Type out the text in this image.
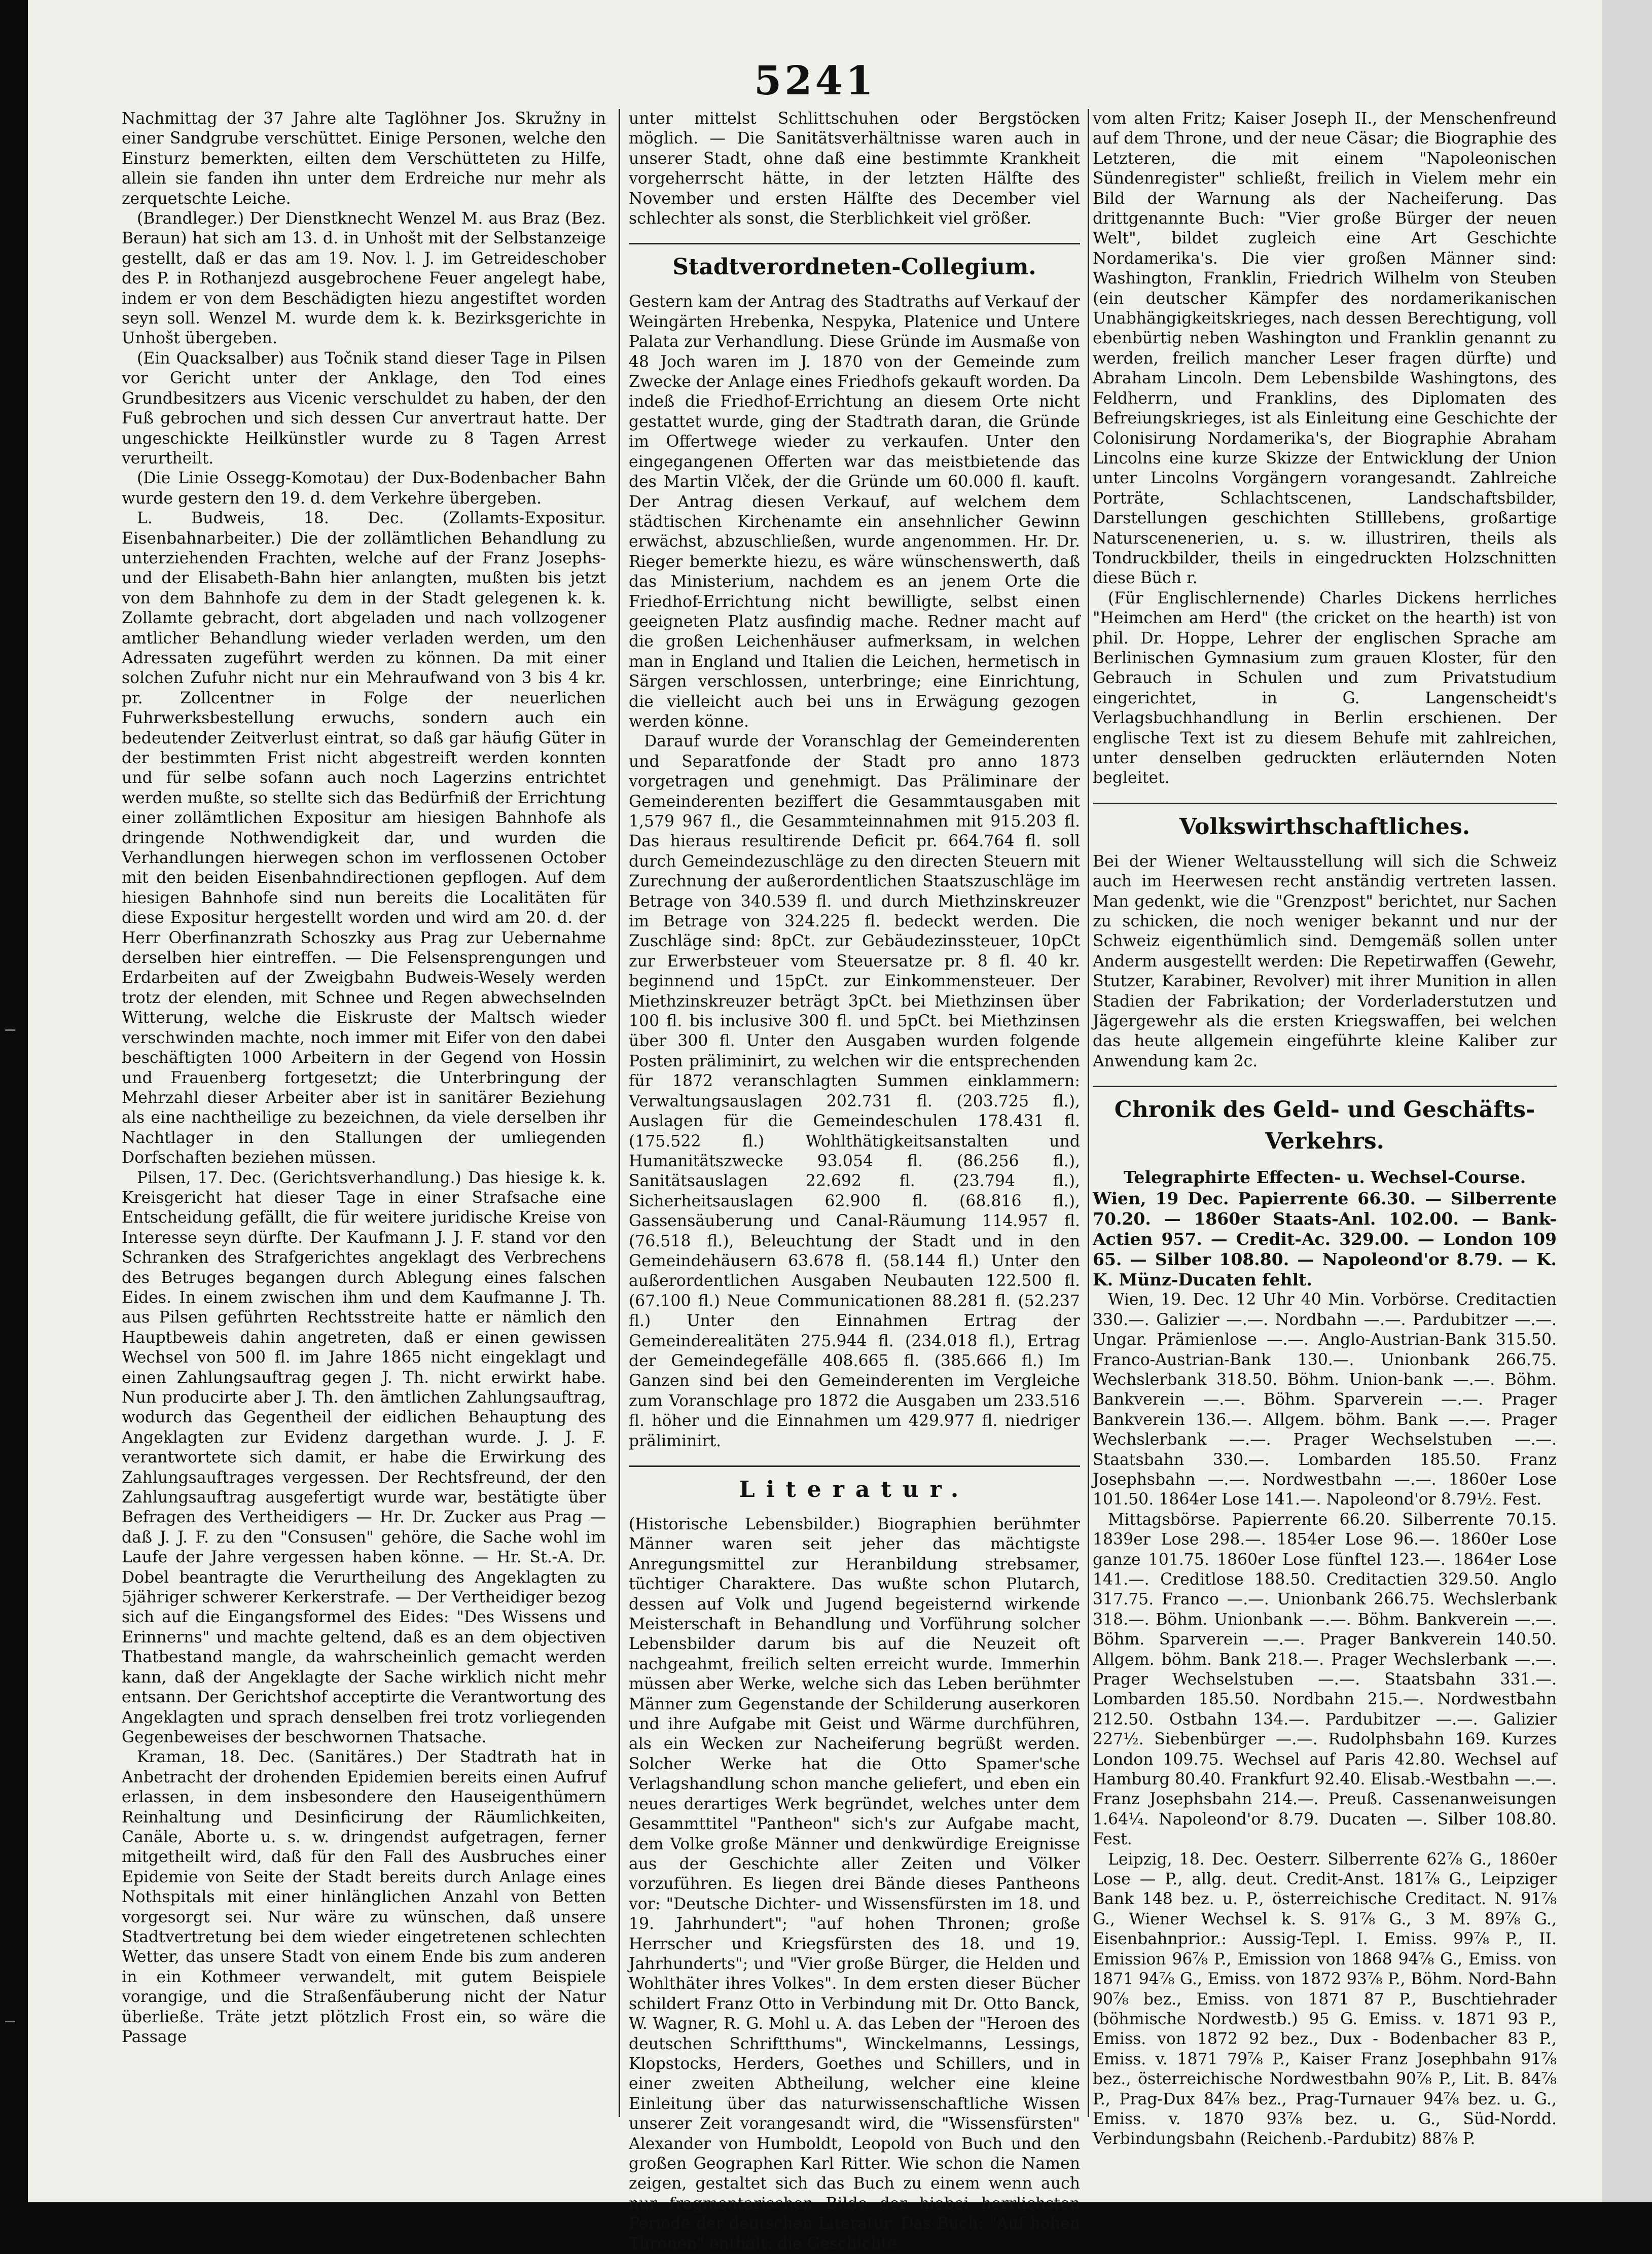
5241

Nachmittag der 37 Jahre alte Taglöhner Jos. Skružny in einer Sandgrube verschüttet. Einige Personen, welche den Einsturz bemerkten, eilten dem Verschütteten zu Hilfe, allein sie fanden ihn unter dem Erdreiche nur mehr als zerquetschte Leiche.

(Brandleger.) Der Dienstknecht Wenzel M. aus Braz (Bez. Beraun) hat sich am 13. d. in Unhošt mit der Selbstanzeige gestellt, daß er das am 19. Nov. l. J. im Getreideschober des P. in Rothanjezd ausgebrochene Feuer angelegt habe, indem er von dem Beschädigten hiezu angestiftet worden seyn soll. Wenzel M. wurde dem k. k. Bezirksgerichte in Unhošt übergeben.

(Ein Quacksalber) aus Točnik stand dieser Tage in Pilsen vor Gericht unter der Anklage, den Tod eines Grundbesitzers aus Vicenic verschuldet zu haben, der den Fuß gebrochen und sich dessen Cur anvertraut hatte. Der ungeschickte Heilkünstler wurde zu 8 Tagen Arrest verurtheilt.

(Die Linie Ossegg-Komotau) der Dux-Bodenbacher Bahn wurde gestern den 19. d. dem Verkehre übergeben.

L. Budweis, 18. Dec. (Zollamts-Expositur. Eisenbahnarbeiter.) Die der zollämtlichen Behandlung zu unterziehenden Frachten, welche auf der Franz Josephs- und der Elisabeth-Bahn hier anlangten, mußten bis jetzt von dem Bahnhofe zu dem in der Stadt gelegenen k. k. Zollamte gebracht, dort abgeladen und nach vollzogener amtlicher Behandlung wieder verladen werden, um den Adressaten zugeführt werden zu können. Da mit einer solchen Zufuhr nicht nur ein Mehraufwand von 3 bis 4 kr. pr. Zollcentner in Folge der neuerlichen Fuhrwerksbestellung erwuchs, sondern auch ein bedeutender Zeitverlust eintrat, so daß gar häufig Güter in der bestimmten Frist nicht abgestreift werden konnten und für selbe sofann auch noch Lagerzins entrichtet werden mußte, so stellte sich das Bedürfniß der Errichtung einer zollämtlichen Expositur am hiesigen Bahnhofe als dringende Nothwendigkeit dar, und wurden die Verhandlungen hierwegen schon im verflossenen October mit den beiden Eisenbahndirectionen gepflogen. Auf dem hiesigen Bahnhofe sind nun bereits die Localitäten für diese Expositur hergestellt worden und wird am 20. d. der Herr Oberfinanzrath Schoszky aus Prag zur Uebernahme derselben hier eintreffen. — Die Felsensprengungen und Erdarbeiten auf der Zweigbahn Budweis-Wesely werden trotz der elenden, mit Schnee und Regen abwechselnden Witterung, welche die Eiskruste der Maltsch wieder verschwinden machte, noch immer mit Eifer von den dabei beschäftigten 1000 Arbeitern in der Gegend von Hossin und Frauenberg fortgesetzt; die Unterbringung der Mehrzahl dieser Arbeiter aber ist in sanitärer Beziehung als eine nachtheilige zu bezeichnen, da viele derselben ihr Nachtlager in den Stallungen der umliegenden Dorfschaften beziehen müssen.

Pilsen, 17. Dec. (Gerichtsverhandlung.) Das hiesige k. k. Kreisgericht hat dieser Tage in einer Strafsache eine Entscheidung gefällt, die für weitere juridische Kreise von Interesse seyn dürfte. Der Kaufmann J. J. F. stand vor den Schranken des Strafgerichtes angeklagt des Verbrechens des Betruges begangen durch Ablegung eines falschen Eides. In einem zwischen ihm und dem Kaufmanne J. Th. aus Pilsen geführten Rechtsstreite hatte er nämlich den Hauptbeweis dahin angetreten, daß er einen gewissen Wechsel von 500 fl. im Jahre 1865 nicht eingeklagt und einen Zahlungsauftrag gegen J. Th. nicht erwirkt habe. Nun producirte aber J. Th. den ämtlichen Zahlungsauftrag, wodurch das Gegentheil der eidlichen Behauptung des Angeklagten zur Evidenz dargethan wurde. J. J. F. verantwortete sich damit, er habe die Erwirkung des Zahlungsauftrages vergessen. Der Rechtsfreund, der den Zahlungsauftrag ausgefertigt wurde war, bestätigte über Befragen des Vertheidigers — Hr. Dr. Zucker aus Prag — daß J. J. F. zu den "Consusen" gehöre, die Sache wohl im Laufe der Jahre vergessen haben könne. — Hr. St.-A. Dr. Dobel beantragte die Verurtheilung des Angeklagten zu 5jähriger schwerer Kerkerstrafe. — Der Vertheidiger bezog sich auf die Eingangsformel des Eides: "Des Wissens und Erinnerns" und machte geltend, daß es an dem objectiven Thatbestand mangle, da wahrscheinlich gemacht werden kann, daß der Angeklagte der Sache wirklich nicht mehr entsann. Der Gerichtshof acceptirte die Verantwortung des Angeklagten und sprach denselben frei trotz vorliegenden Gegenbeweises der beschwornen Thatsache.

Kraman, 18. Dec. (Sanitäres.) Der Stadtrath hat in Anbetracht der drohenden Epidemien bereits einen Aufruf erlassen, in dem insbesondere den Hauseigenthümern Reinhaltung und Desinficirung der Räumlichkeiten, Canäle, Aborte u. s. w. dringendst aufgetragen, ferner mitgetheilt wird, daß für den Fall des Ausbruches einer Epidemie von Seite der Stadt bereits durch Anlage eines Nothspitals mit einer hinlänglichen Anzahl von Betten vorgesorgt sei. Nur wäre zu wünschen, daß unsere Stadtvertretung bei dem wieder eingetretenen schlechten Wetter, das unsere Stadt von einem Ende bis zum anderen in ein Kothmeer verwandelt, mit gutem Beispiele vorangige, und die Straßenfäuberung nicht der Natur überließe. Träte jetzt plötzlich Frost ein, so wäre die Passage

unter mittelst Schlittschuhen oder Bergstöcken möglich. — Die Sanitätsverhältnisse waren auch in unserer Stadt, ohne daß eine bestimmte Krankheit vorgeherrscht hätte, in der letzten Hälfte des November und ersten Hälfte des December viel schlechter als sonst, die Sterblichkeit viel größer.

Stadtverordneten-Collegium.

Gestern kam der Antrag des Stadtraths auf Verkauf der Weingärten Hrebenka, Nespyka, Platenice und Untere Palata zur Verhandlung. Diese Gründe im Ausmaße von 48 Joch waren im J. 1870 von der Gemeinde zum Zwecke der Anlage eines Friedhofs gekauft worden. Da indeß die Friedhof-Errichtung an diesem Orte nicht gestattet wurde, ging der Stadtrath daran, die Gründe im Offertwege wieder zu verkaufen. Unter den eingegangenen Offerten war das meistbietende das des Martin Vlček, der die Gründe um 60.000 fl. kauft. Der Antrag diesen Verkauf, auf welchem dem städtischen Kirchenamte ein ansehnlicher Gewinn erwächst, abzuschließen, wurde angenommen. Hr. Dr. Rieger bemerkte hiezu, es wäre wünschenswerth, daß das Ministerium, nachdem es an jenem Orte die Friedhof-Errichtung nicht bewilligte, selbst einen geeigneten Platz ausfindig mache. Redner macht auf die großen Leichenhäuser aufmerksam, in welchen man in England und Italien die Leichen, hermetisch in Särgen verschlossen, unterbringe; eine Einrichtung, die vielleicht auch bei uns in Erwägung gezogen werden könne.

Darauf wurde der Voranschlag der Gemeinderenten und Separatfonde der Stadt pro anno 1873 vorgetragen und genehmigt. Das Präliminare der Gemeinderenten beziffert die Gesammtausgaben mit 1,579 967 fl., die Gesammteinnahmen mit 915.203 fl. Das hieraus resultirende Deficit pr. 664.764 fl. soll durch Gemeindezuschläge zu den directen Steuern mit Zurechnung der außerordentlichen Staatszuschläge im Betrage von 340.539 fl. und durch Miethzinskreuzer im Betrage von 324.225 fl. bedeckt werden. Die Zuschläge sind: 8pCt. zur Gebäudezinssteuer, 10pCt zur Erwerbsteuer vom Steuersatze pr. 8 fl. 40 kr. beginnend und 15pCt. zur Einkommensteuer. Der Miethzinskreuzer beträgt 3pCt. bei Miethzinsen über 100 fl. bis inclusive 300 fl. und 5pCt. bei Miethzinsen über 300 fl. Unter den Ausgaben wurden folgende Posten präliminirt, zu welchen wir die entsprechenden für 1872 veranschlagten Summen einklammern: Verwaltungsauslagen 202.731 fl. (203.725 fl.), Auslagen für die Gemeindeschulen 178.431 fl. (175.522 fl.) Wohlthätigkeitsanstalten und Humanitätszwecke 93.054 fl. (86.256 fl.), Sanitätsauslagen 22.692 fl. (23.794 fl.), Sicherheitsauslagen 62.900 fl. (68.816 fl.), Gassensäuberung und Canal-Räumung 114.957 fl. (76.518 fl.), Beleuchtung der Stadt und in den Gemeindehäusern 63.678 fl. (58.144 fl.) Unter den außerordentlichen Ausgaben Neubauten 122.500 fl. (67.100 fl.) Neue Communicationen 88.281 fl. (52.237 fl.) Unter den Einnahmen Ertrag der Gemeinderealitäten 275.944 fl. (234.018 fl.), Ertrag der Gemeindegefälle 408.665 fl. (385.666 fl.) Im Ganzen sind bei den Gemeinderenten im Vergleiche zum Voranschlage pro 1872 die Ausgaben um 233.516 fl. höher und die Einnahmen um 429.977 fl. niedriger präliminirt.

Literatur.

(Historische Lebensbilder.) Biographien berühmter Männer waren seit jeher das mächtigste Anregungsmittel zur Heranbildung strebsamer, tüchtiger Charaktere. Das wußte schon Plutarch, dessen auf Volk und Jugend begeisternd wirkende Meisterschaft in Behandlung und Vorführung solcher Lebensbilder darum bis auf die Neuzeit oft nachgeahmt, freilich selten erreicht wurde. Immerhin müssen aber Werke, welche sich das Leben berühmter Männer zum Gegenstande der Schilderung auserkoren und ihre Aufgabe mit Geist und Wärme durchführen, als ein Wecken zur Nacheiferung begrüßt werden. Solcher Werke hat die Otto Spamer'sche Verlagshandlung schon manche geliefert, und eben ein neues derartiges Werk begründet, welches unter dem Gesammttitel "Pantheon" sich's zur Aufgabe macht, dem Volke große Männer und denkwürdige Ereignisse aus der Geschichte aller Zeiten und Völker vorzuführen. Es liegen drei Bände dieses Pantheons vor: "Deutsche Dichter- und Wissensfürsten im 18. und 19. Jahrhundert"; "auf hohen Thronen; große Herrscher und Kriegsfürsten des 18. und 19. Jahrhunderts"; und "Vier große Bürger, die Helden und Wohlthäter ihres Volkes". In dem ersten dieser Bücher schildert Franz Otto in Verbindung mit Dr. Otto Banck, W. Wagner, R. G. Mohl u. A. das Leben der "Heroen des deutschen Schriftthums", Winckelmanns, Lessings, Klopstocks, Herders, Goethes und Schillers, und in einer zweiten Abtheilung, welcher eine kleine Einleitung über das naturwissenschaftliche Wissen unserer Zeit vorangesandt wird, die "Wissensfürsten" Alexander von Humboldt, Leopold von Buch und den großen Geographen Karl Ritter. Wie schon die Namen zeigen, gestaltet sich das Buch zu einem wenn auch nur fragmentarischen Bilde der hiebei herrlichsten Periode der deutschen Literatur. Das Buch: "Auf hohen Thronen" enthält: die Geschichte

vom alten Fritz; Kaiser Joseph II., der Menschenfreund auf dem Throne, und der neue Cäsar; die Biographie des Letzteren, die mit einem "Napoleonischen Sündenregister" schließt, freilich in Vielem mehr ein Bild der Warnung als der Nacheiferung. Das drittgenannte Buch: "Vier große Bürger der neuen Welt", bildet zugleich eine Art Geschichte Nordamerika's. Die vier großen Männer sind: Washington, Franklin, Friedrich Wilhelm von Steuben (ein deutscher Kämpfer des nordamerikanischen Unabhängigkeitskrieges, nach dessen Berechtigung, voll ebenbürtig neben Washington und Franklin genannt zu werden, freilich mancher Leser fragen dürfte) und Abraham Lincoln. Dem Lebensbilde Washingtons, des Feldherrn, und Franklins, des Diplomaten des Befreiungskrieges, ist als Einleitung eine Geschichte der Colonisirung Nordamerika's, der Biographie Abraham Lincolns eine kurze Skizze der Entwicklung der Union unter Lincolns Vorgängern vorangesandt. Zahlreiche Porträte, Schlachtscenen, Landschaftsbilder, Darstellungen geschichten Stilllebens, großartige Naturscenenerien, u. s. w. illustriren, theils als Tondruckbilder, theils in eingedruckten Holzschnitten diese Büch r.

(Für Englischlernende) Charles Dickens herrliches "Heimchen am Herd" (the cricket on the hearth) ist von phil. Dr. Hoppe, Lehrer der englischen Sprache am Berlinischen Gymnasium zum grauen Kloster, für den Gebrauch in Schulen und zum Privatstudium eingerichtet, in G. Langenscheidt's Verlagsbuchhandlung in Berlin erschienen. Der englische Text ist zu diesem Behufe mit zahlreichen, unter denselben gedruckten erläuternden Noten begleitet.

Volkswirthschaftliches.

Bei der Wiener Weltausstellung will sich die Schweiz auch im Heerwesen recht anständig vertreten lassen. Man gedenkt, wie die "Grenzpost" berichtet, nur Sachen zu schicken, die noch weniger bekannt und nur der Schweiz eigenthümlich sind. Demgemäß sollen unter Anderm ausgestellt werden: Die Repetirwaffen (Gewehr, Stutzer, Karabiner, Revolver) mit ihrer Munition in allen Stadien der Fabrikation; der Vorderladerstutzen und Jägergewehr als die ersten Kriegswaffen, bei welchen das heute allgemein eingeführte kleine Kaliber zur Anwendung kam 2c.

Chronik des Geld- und Geschäfts-Verkehrs.
Telegraphirte Effecten- u. Wechsel-Course.

Wien, 19 Dec. Papierrente 66.30. — Silberrente 70.20. — 1860er Staats-Anl. 102.00. — Bank-Actien 957. — Credit-Ac. 329.00. — London 109 65. — Silber 108.80. — Napoleond'or 8.79. — K. K. Münz-Ducaten fehlt.

Wien, 19. Dec. 12 Uhr 40 Min. Vorbörse. Creditactien 330.—. Galizier —.—. Nordbahn —.—. Pardubitzer —.—. Ungar. Prämienlose —.—. Anglo-Austrian-Bank 315.50. Franco-Austrian-Bank 130.—. Unionbank 266.75. Wechslerbank 318.50. Böhm. Union-bank —.—. Böhm. Bankverein —.—. Böhm. Sparverein —.—. Prager Bankverein 136.—. Allgem. böhm. Bank —.—. Prager Wechslerbank —.—. Prager Wechselstuben —.—. Staatsbahn 330.—. Lombarden 185.50. Franz Josephsbahn —.—. Nordwestbahn —.—. 1860er Lose 101.50. 1864er Lose 141.—. Napoleond'or 8.79½. Fest.

Mittagsbörse. Papierrente 66.20. Silberrente 70.15. 1839er Lose 298.—. 1854er Lose 96.—. 1860er Lose ganze 101.75. 1860er Lose fünftel 123.—. 1864er Lose 141.—. Creditlose 188.50. Creditactien 329.50. Anglo 317.75. Franco —.—. Unionbank 266.75. Wechslerbank 318.—. Böhm. Unionbank —.—. Böhm. Bankverein —.—. Böhm. Sparverein —.—. Prager Bankverein 140.50. Allgem. böhm. Bank 218.—. Prager Wechslerbank —.—. Prager Wechselstuben —.—. Staatsbahn 331.—. Lombarden 185.50. Nordbahn 215.—. Nordwestbahn 212.50. Ostbahn 134.—. Pardubitzer —.—. Galizier 227½. Siebenbürger —.—. Rudolphsbahn 169. Kurzes London 109.75. Wechsel auf Paris 42.80. Wechsel auf Hamburg 80.40. Frankfurt 92.40. Elisab.-Westbahn —.—. Franz Josephsbahn 214.—. Preuß. Cassenanweisungen 1.64¼. Napoleond'or 8.79. Ducaten —. Silber 108.80. Fest.

Leipzig, 18. Dec. Oesterr. Silberrente 62⅞ G., 1860er Lose — P., allg. deut. Credit-Anst. 181⅞ G., Leipziger Bank 148 bez. u. P., österreichische Creditact. N. 91⅞ G., Wiener Wechsel k. S. 91⅞ G., 3 M. 89⅞ G., Eisenbahnprior.: Aussig-Tepl. I. Emiss. 99⅞ P., II. Emission 96⅞ P., Emission von 1868 94⅞ G., Emiss. von 1871 94⅞ G., Emiss. von 1872 93⅞ P., Böhm. Nord-Bahn 90⅞ bez., Emiss. von 1871 87 P., Buschtiehrader (böhmische Nordwestb.) 95 G. Emiss. v. 1871 93 P., Emiss. von 1872 92 bez., Dux - Bodenbacher 83 P., Emiss. v. 1871 79⅞ P., Kaiser Franz Josephbahn 91⅞ bez., österreichische Nordwestbahn 90⅞ P., Lit. B. 84⅞ P., Prag-Dux 84⅞ bez., Prag-Turnauer 94⅞ bez. u. G., Emiss. v. 1870 93⅞ bez. u. G., Süd-Nordd. Verbindungsbahn (Reichenb.-Pardubitz) 88⅞ P.
